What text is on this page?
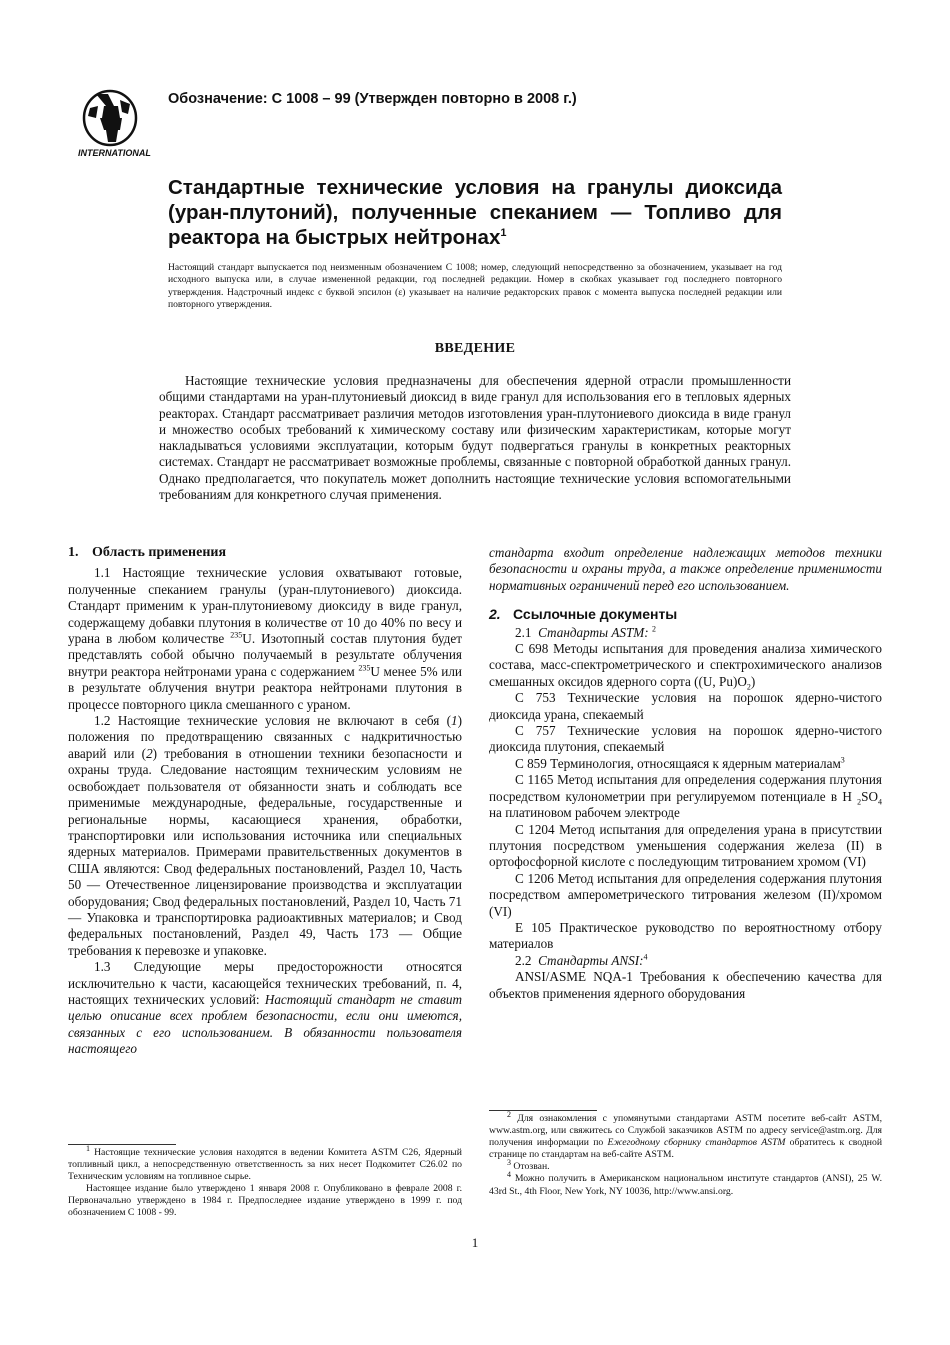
INTERNATIONAL
Обозначение: C 1008 – 99 (Утвержден повторно в 2008 г.)
Стандартные технические условия на гранулы диоксида (уран-плутоний), полученные спеканием — Топливо для реактора на быстрых нейтронах$^1$
Настоящий стандарт выпускается под неизменным обозначением C 1008; номер, следующий непосредственно за обозначением, указывает на год исходного выпуска или, в случае измененной редакции, год последней редакции. Номер в скобках указывает год последнего повторного утверждения. Надстрочный индекс с буквой эпсилон (ε) указывает на наличие редакторских правок с момента выпуска последней редакции или повторного утверждения.
ВВЕДЕНИЕ

Настоящие технические условия предназначены для обеспечения ядерной отрасли промышленности общими стандартами на уран-плутониевый диоксид в виде гранул для использования его в тепловых ядерных реакторах. Стандарт рассматривает различия методов изготовления уран-плутониевого диоксида в виде гранул и множество особых требований к химическому составу или физическим характеристикам, которые могут накладываться условиями эксплуатации, которым будут подвергаться гранулы в конкретных реакторных системах. Стандарт не рассматривает возможные проблемы, связанные с повторной обработкой данных гранул. Однако предполагается, что покупатель может дополнить настоящие технические условия вспомогательными требованиям для конкретного случая применения.

1. Область применения

1.1 Настоящие технические условия охватывают готовые, полученные спеканием гранулы (уран-плутониевого) диоксида. Стандарт применим к уран-плутониевому диоксиду в виде гранул, содержащему добавки плутония в количестве от 10 до 40% по весу и урана в любом количестве $^{235}$U. Изотопный состав плутония будет представлять собой обычно получаемый в результате облучения внутри реактора нейтронами урана с содержанием $^{235}$U менее 5% или в результате облучения внутри реактора нейтронами плутония в процессе повторного цикла смешанного с ураном.

1.2 Настоящие технические условия не включают в себя (1) положения по предотвращению связанных с надкритичностью аварий или (2) требования в отношении техники безопасности и охраны труда. Следование настоящим техническим условиям не освобождает пользователя от обязанности знать и соблюдать все применимые международные, федеральные, государственные и региональные нормы, касающиеся хранения, обработки, транспортировки или использования источника или специальных ядерных материалов. Примерами правительственных документов в США являются: Свод федеральных постановлений, Раздел 10, Часть 50 — Отечественное лицензирование производства и эксплуатации оборудования; Свод федеральных постановлений, Раздел 10, Часть 71 — Упаковка и транспортировка радиоактивных материалов; и Свод федеральных постановлений, Раздел 49, Часть 173 — Общие требования к перевозке и упаковке.

1.3 Следующие меры предосторожности относятся исключительно к части, касающейся технических требований, п. 4, настоящих технических условий: Настоящий стандарт не ставит целью описание всех проблем безопасности, если они имеются, связанных с его использованием. В обязанности пользователя настоящего

$^1$ Настоящие технические условия находятся в ведении Комитета ASTM C26, Ядерный топливный цикл, а непосредственную ответственность за них несет Подкомитет C26.02 по Техническим условиям на топливное сырье.

Настоящее издание было утверждено 1 января 2008 г. Опубликовано в феврале 2008 г. Первоначально утверждено в 1984 г. Предпоследнее издание утверждено в 1999 г. под обозначением C 1008 - 99.

стандарта входит определение надлежащих методов техники безопасности и охраны труда, а также определение применимости нормативных ограничений перед его использованием.

2. Ссылочные документы

2.1 Стандарты ASTM: $^2$

C 698 Методы испытания для проведения анализа химического состава, масс-спектрометрического и спектрохимического анализов смешанных оксидов ядерного сорта ((U, $Pu)O_2$)

C 753 Технические условия на порошок ядерно-чистого диоксида урана, спекаемый

C 757 Технические условия на порошок ядерно-чистого диоксида плутония, спекаемый

C 859 Терминология, относящаяся к ядерным материалам$^3$

C 1165 Метод испытания для определения содержания плутония посредством кулонометрии при регулируемом потенциале в H $_2SO_4$ на платиновом рабочем электроде

C 1204 Метод испытания для определения урана в присутствии плутония посредством уменьшения содержания железа (II) в ортофосфорной кислоте с последующим титрованием хромом (VI)

C 1206 Метод испытания для определения содержания плутония посредством амперометрического титрования железом (II)/хромом (VI)

E 105 Практическое руководство по вероятностному отбору материалов

2.2 Стандарты ANSI:$^4$

ANSI/ASME NQA-1 Требования к обеспечению качества для объектов применения ядерного оборудования

$^2$ Для ознакомления с упомянутыми стандартами ASTM посетите веб-сайт ASTM, www.astm.org, или свяжитесь со Службой заказчиков ASTM по адресу service@astm.org. Для получения информации по Ежегодному сборнику стандартов ASTM обратитесь к сводной странице по стандартам на веб-сайте ASTM.

$^3$ Отозван.

$^4$ Можно получить в Американском национальном институте стандартов (ANSI), 25 W. 43rd St., 4th Floor, New York, NY 10036, http://www.ansi.org.

1
